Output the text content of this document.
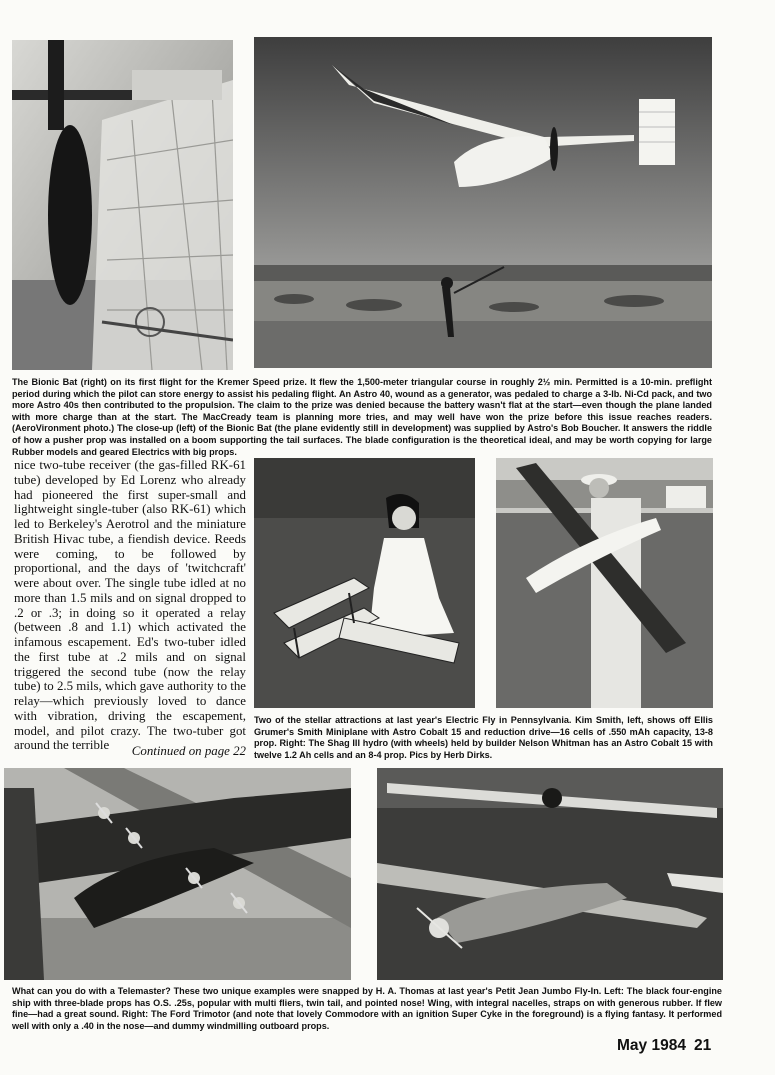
The Bionic Bat (right) on its first flight for the Kremer Speed prize. It flew the 1,500-meter triangular course in roughly 2½ min. Permitted is a 10-min. preflight period during which the pilot can store energy to assist his pedaling flight. An Astro 40, wound as a generator, was pedaled to charge a 3-lb. Ni-Cd pack, and two more Astro 40s then contributed to the propulsion. The claim to the prize was denied because the battery wasn't flat at the start—even though the plane landed with more charge than at the start. The MacCready team is planning more tries, and may well have won the prize before this issue reaches readers. (AeroVironment photo.) The close-up (left) of the Bionic Bat (the plane evidently still in development) was supplied by Astro's Bob Boucher. It answers the riddle of how a pusher prop was installed on a boom supporting the tail surfaces. The blade configuration is the theoretical ideal, and may be worth copying for large Rubber models and geared Electrics with big props.

nice two-tube receiver (the gas-filled RK-61 tube) developed by Ed Lorenz who already had pioneered the first super-small and lightweight single-tuber (also RK-61) which led to Berkeley's Aerotrol and the miniature British Hivac tube, a fiendish device. Reeds were coming, to be followed by proportional, and the days of 'twitchcraft' were about over. The single tube idled at no more than 1.5 mils and on signal dropped to .2 or .3; in doing so it operated a relay (between .8 and 1.1) which activated the infamous escapement. Ed's two-tuber idled the first tube at .2 mils and on signal triggered the second tube (now the relay tube) to 2.5 mils, which gave authority to the relay—which previously loved to dance with vibration, driving the escapement, model, and pilot crazy. The two-tuber got around the terrible	Continued on page 22

Two of the stellar attractions at last year's Electric Fly in Pennsylvania. Kim Smith, left, shows off Ellis Grumer's Smith Miniplane with Astro Cobalt 15 and reduction drive—16 cells of .550 mAh capacity, 13-8 prop. Right: The Shag III hydro (with wheels) held by builder Nelson Whitman has an Astro Cobalt 15 with twelve 1.2 Ah cells and an 8-4 prop. Pics by Herb Dirks.

What can you do with a Telemaster? These two unique examples were snapped by H. A. Thomas at last year's Petit Jean Jumbo Fly-In. Left: The black four-engine ship with three-blade props has O.S. .25s, popular with multi fliers, twin tail, and pointed nose! Wing, with integral nacelles, straps on with generous rubber. If flew fine—had a great sound. Right: The Ford Trimotor (and note that lovely Commodore with an ignition Super Cyke in the foreground) is a flying fantasy. It performed well with only a .40 in the nose—and dummy windmilling outboard props.

May 1984 21
